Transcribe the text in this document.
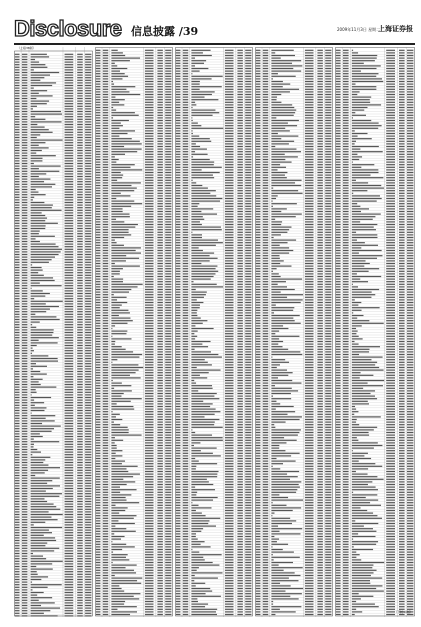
Disclosure 信息披露 /39	2009年11月3日 星期二
上海证券报
（上接38版）
（下转40版）
